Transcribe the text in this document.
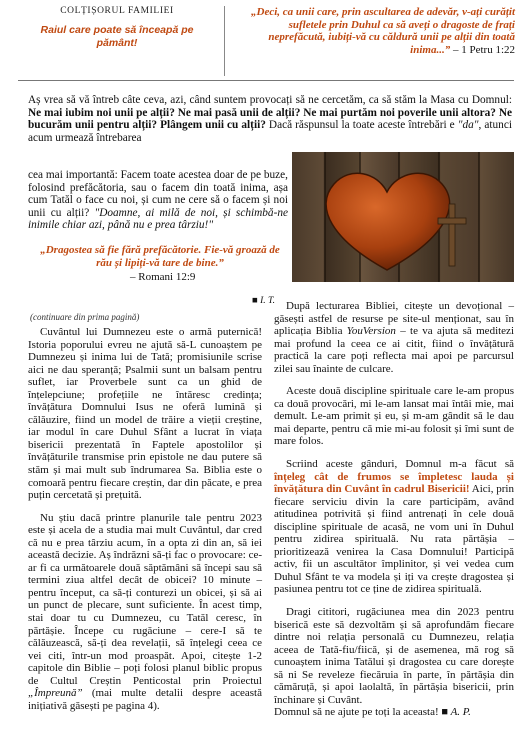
COLȚIȘORUL FAMILIEI
Raiul care poate să înceapă pe pământ!
„Deci, ca unii care, prin ascultarea de adevăr, v-ați curățit sufletele prin Duhul ca să aveți o dragoste de frați neprefăcută, iubiți-vă cu căldură unii pe alții din toată inima...” – 1 Petru 1:22
Aș vrea să vă întreb câte ceva, azi, când suntem provocați să ne cercetăm, ca să stăm la Masa cu Domnul: Ne mai iubim noi unii pe alții? Ne mai pasă unii de alții? Ne mai purtăm noi poverile unii altora? Ne bucurăm unii pentru alții? Plângem unii cu alții? Dacă răspunsul la toate aceste întrebări e "da", atunci acum urmează întrebarea
cea mai importantă: Facem toate acestea doar de pe buze, folosind prefăcătoria, sau o facem din toată inima, așa cum Tatăl o face cu noi, și cum ne cere să o facem și noi unii cu alții? "Doamne, ai milă de noi, și schimbă-ne inimile chiar azi, până nu e prea târziu!"
„Dragostea să fie fără prefăcătorie. Fie-vă groază de rău și lipiți-vă tare de bine.”
– Romani 12:9
■ I. T.
(continuare din prima pagină)

Cuvântul lui Dumnezeu este o armă puternică! Istoria poporului evreu ne ajută să-L cunoaștem pe Dumnezeu și inima lui de Tată; promisiunile scrise aici ne dau speranță; Psalmii sunt un balsam pentru suflet, iar Proverbele sunt ca un ghid de înțelepciune; profețiile ne întăresc credința; învățătura Domnului Isus ne oferă lumină și călăuzire, fiind un model de trăire a vieții creștine, iar modul în care Duhul Sfânt a lucrat în viața bisericii prezentată în Faptele apostolilor și învățăturile transmise prin epistole ne dau putere să stăm și mai mult sub îndrumarea Sa. Biblia este o comoară pentru fiecare creștin, dar din păcate, e prea puțin cercetată și prețuită.

Nu știu dacă printre planurile tale pentru 2023 este și acela de a studia mai mult Cuvântul, dar cred că nu e prea târziu acum, în a opta zi din an, să iei această decizie. Aș îndrăzni să-ți fac o provocare: ce-ar fi ca următoarele două săptămâni să începi sau să termini ziua altfel decât de obicei? 10 minute – pentru început, ca să-ți conturezi un obicei, și să ai un punct de plecare, sunt suficiente. În acest timp, stai doar tu cu Dumnezeu, cu Tatăl ceresc, în părtășie. Începe cu rugăciune – cere-I să te călăuzească, să-ți dea revelații, să înțelegi ceea ce vei citi, într-un mod proaspăt. Apoi, citește 1-2 capitole din Biblie – poți folosi planul biblic propus de Cultul Creștin Penticostal prin Proiectul „Împreună” (mai multe detalii despre această inițiativă găsești pe pagina 4).

După lecturarea Bibliei, citește un devoțional – găsești astfel de resurse pe site-ul menționat, sau în aplicația Biblia YouVersion – te va ajuta să meditezi mai profund la ceea ce ai citit, fiind o învățătură practică la care poți reflecta mai apoi pe parcursul zilei sau înainte de culcare.

Aceste două discipline spirituale care le-am propus ca două provocări, mi le-am lansat mai întâi mie, mai demult. Le-am primit și eu, și m-am gândit să le dau mai departe, pentru că mie mi-au folosit și îmi sunt de mare folos.

Scriind aceste gânduri, Domnul m-a făcut să înțeleg cât de frumos se împletesc lauda și învățătura din Cuvânt în cadrul Bisericii! Aici, prin fiecare serviciu divin la care participăm, având atitudinea potrivită și fiind antrenați în cele două discipline spirituale de acasă, ne vom uni în Duhul pentru zidirea spirituală. Nu rata părtășia – prioritizează venirea la Casa Domnului! Participă activ, fii un ascultător împlinitor, și vei vedea cum Duhul Sfânt te va modela și iți va crește dragostea și pasiunea pentru tot ce ține de zidirea spirituală.

Dragi cititori, rugăciunea mea din 2023 pentru biserică este să dezvoltăm și să aprofundăm fiecare dintre noi relația personală cu Dumnezeu, relația aceea de Tată-fiu/fiică, și de asemenea, mă rog să cunoaștem inima Tatălui și dragostea cu care dorește să ni Se reveleze fiecăruia în parte, în părtășia din cămăruță, și apoi laolaltă, în părtășia bisericii, prin închinare și Cuvânt.

Domnul să ne ajute pe toți la aceasta! ■ A. P.
